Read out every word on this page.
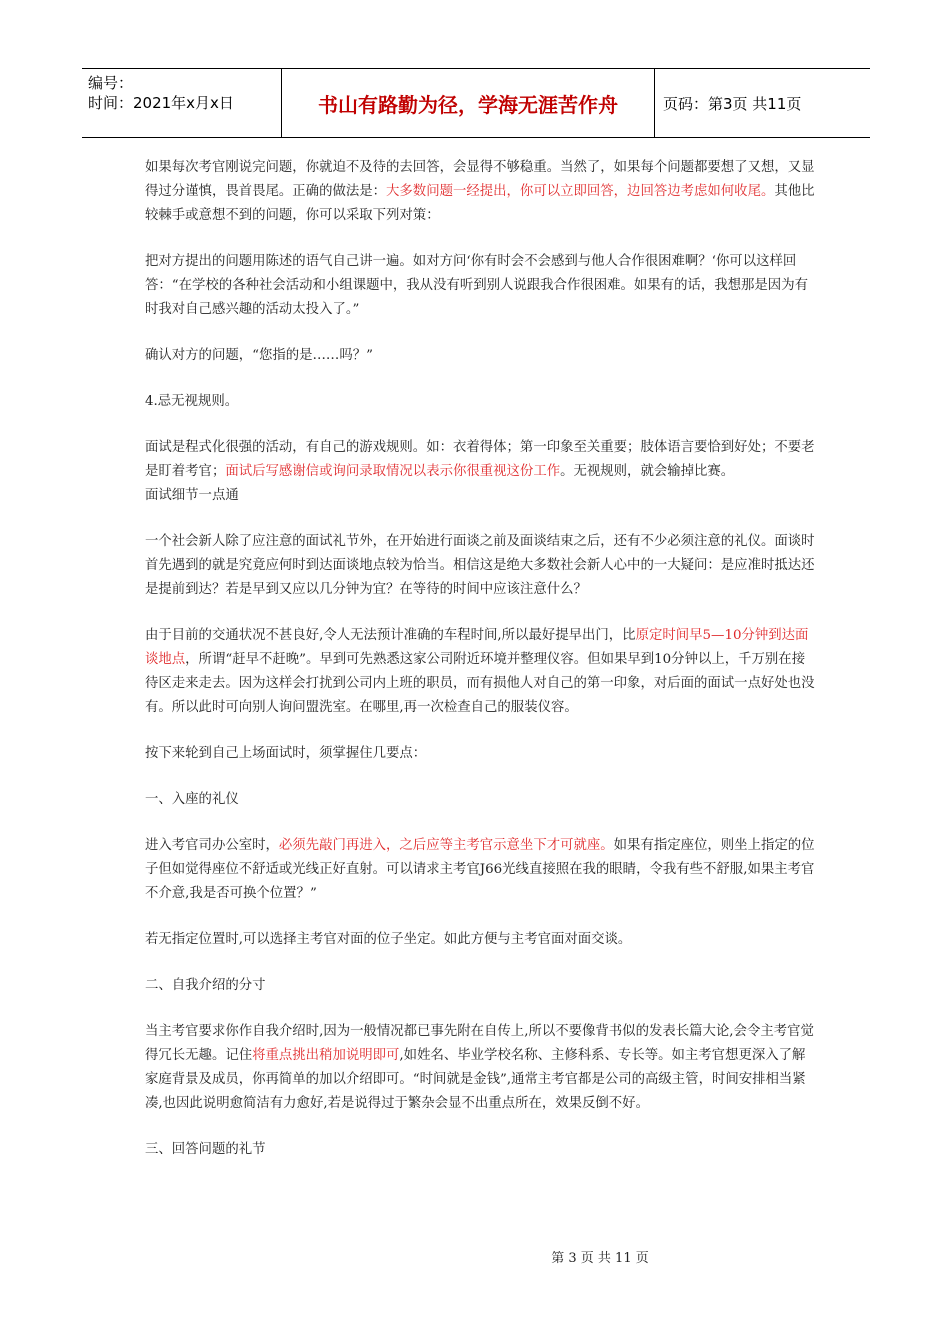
编号：
时间：2021年x月x日	书山有路勤为径，学海无涯苦作舟	页码：第3页 共11页

如果每次考官刚说完问题，你就迫不及待的去回答，会显得不够稳重。当然了，如果每个问题都要想了又想，又显得过分谨慎，畏首畏尾。正确的做法是：大多数问题一经提出，你可以立即回答，边回答边考虑如何收尾。其他比较棘手或意想不到的问题，你可以采取下列对策：

把对方提出的问题用陈述的语气自己讲一遍。如对方问‘你有时会不会感到与他人合作很困难啊？‘你可以这样回答：“在学校的各种社会活动和小组课题中，我从没有听到别人说跟我合作很困难。如果有的话，我想那是因为有时我对自己感兴趣的活动太投入了。”

确认对方的问题，“您指的是……吗？”

4.忌无视规则。

面试是程式化很强的活动，有自己的游戏规则。如：衣着得体；第一印象至关重要；肢体语言要恰到好处；不要老是盯着考官；面试后写感谢信或询问录取情况以表示你很重视这份工作。无视规则，就会输掉比赛。

面试细节一点通

一个社会新人除了应注意的面试礼节外，在开始进行面谈之前及面谈结束之后，还有不少必须注意的礼仪。面谈时首先遇到的就是究竟应何时到达面谈地点较为恰当。相信这是绝大多数社会新人心中的一大疑问：是应准时抵达还是提前到达？若是早到又应以几分钟为宜？在等待的时间中应该注意什么？

由于目前的交通状况不甚良好,令人无法预计准确的车程时间,所以最好提早出门，比原定时间早5—10分钟到达面谈地点，所谓“赶早不赶晚”。早到可先熟悉这家公司附近环境并整理仪容。但如果早到10分钟以上，千万别在接待区走来走去。因为这样会打扰到公司内上班的职员，而有损他人对自己的第一印象，对后面的面试一点好处也没有。所以此时可向别人询问盟洗室。在哪里,再一次检查自己的服装仪容。

按下来轮到自己上场面试时，须掌握住几要点：

一、入座的礼仪

进入考官司办公室时，必须先敲门再进入，之后应等主考官示意坐下才可就座。如果有指定座位，则坐上指定的位子但如觉得座位不舒适或光线正好直射。可以请求主考官J66光线直接照在我的眼睛，令我有些不舒服,如果主考官不介意,我是否可换个位置？”

若无指定位置时,可以选择主考官对面的位子坐定。如此方便与主考官面对面交谈。

二、自我介绍的分寸

当主考官要求你作自我介绍时,因为一般情况都已事先附在自传上,所以不要像背书似的发表长篇大论,会令主考官觉得冗长无趣。记住将重点挑出稍加说明即可,如姓名、毕业学校名称、主修科系、专长等。如主考官想更深入了解家庭背景及成员，你再简单的加以介绍即可。“时间就是金钱”,通常主考官都是公司的高级主管，时间安排相当紧凑,也因此说明愈简洁有力愈好,若是说得过于繁杂会显不出重点所在，效果反倒不好。

三、回答问题的礼节

第 3 页 共 11 页
